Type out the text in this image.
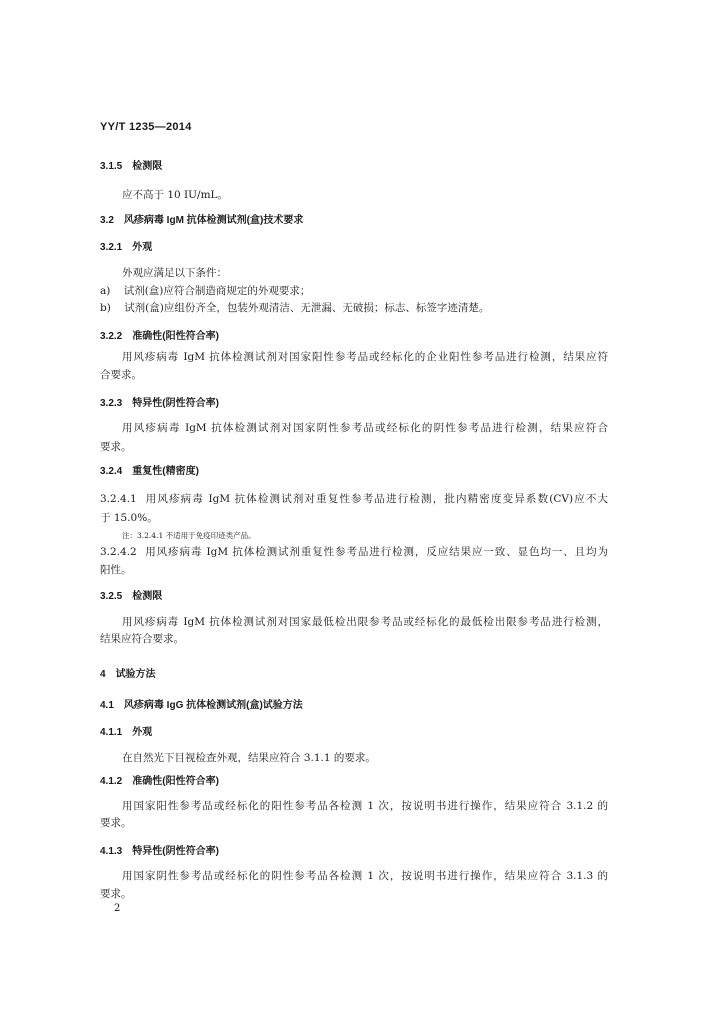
YY/T 1235—2014
3.1.5 检测限
应不高于 10 IU/mL。
3.2 风疹病毒 IgM 抗体检测试剂(盒)技术要求
3.2.1 外观
外观应满足以下条件：
a)    试剂(盒)应符合制造商规定的外观要求；
b)    试剂(盒)应组份齐全，包装外观清洁、无泄漏、无破损；标志、标签字迹清楚。
3.2.2 准确性(阳性符合率)
用风疹病毒 IgM 抗体检测试剂对国家阳性参考品或经标化的企业阳性参考品进行检测，结果应符
合要求。
3.2.3 特异性(阴性符合率)
用风疹病毒 IgM 抗体检测试剂对国家阴性参考品或经标化的阴性参考品进行检测，结果应符合
要求。
3.2.4 重复性(精密度)
3.2.4.1  用风疹病毒 IgM 抗体检测试剂对重复性参考品进行检测，批内精密度变异系数(CV)应不大
于 15.0%。
注：3.2.4.1 不适用于免疫印迹类产品。
3.2.4.2  用风疹病毒 IgM 抗体检测试剂重复性参考品进行检测，反应结果应一致、显色均一、且均为
阳性。
3.2.5 检测限
用风疹病毒 IgM 抗体检测试剂对国家最低检出限参考品或经标化的最低检出限参考品进行检测，
结果应符合要求。
4 试验方法
4.1 风疹病毒 IgG 抗体检测试剂(盒)试验方法
4.1.1 外观
在自然光下目视检查外观，结果应符合 3.1.1 的要求。
4.1.2 准确性(阳性符合率)
用国家阳性参考品或经标化的阳性参考品各检测 1 次，按说明书进行操作，结果应符合 3.1.2 的
要求。
4.1.3 特异性(阴性符合率)
用国家阴性参考品或经标化的阴性参考品各检测 1 次，按说明书进行操作，结果应符合 3.1.3 的
要求。
2
